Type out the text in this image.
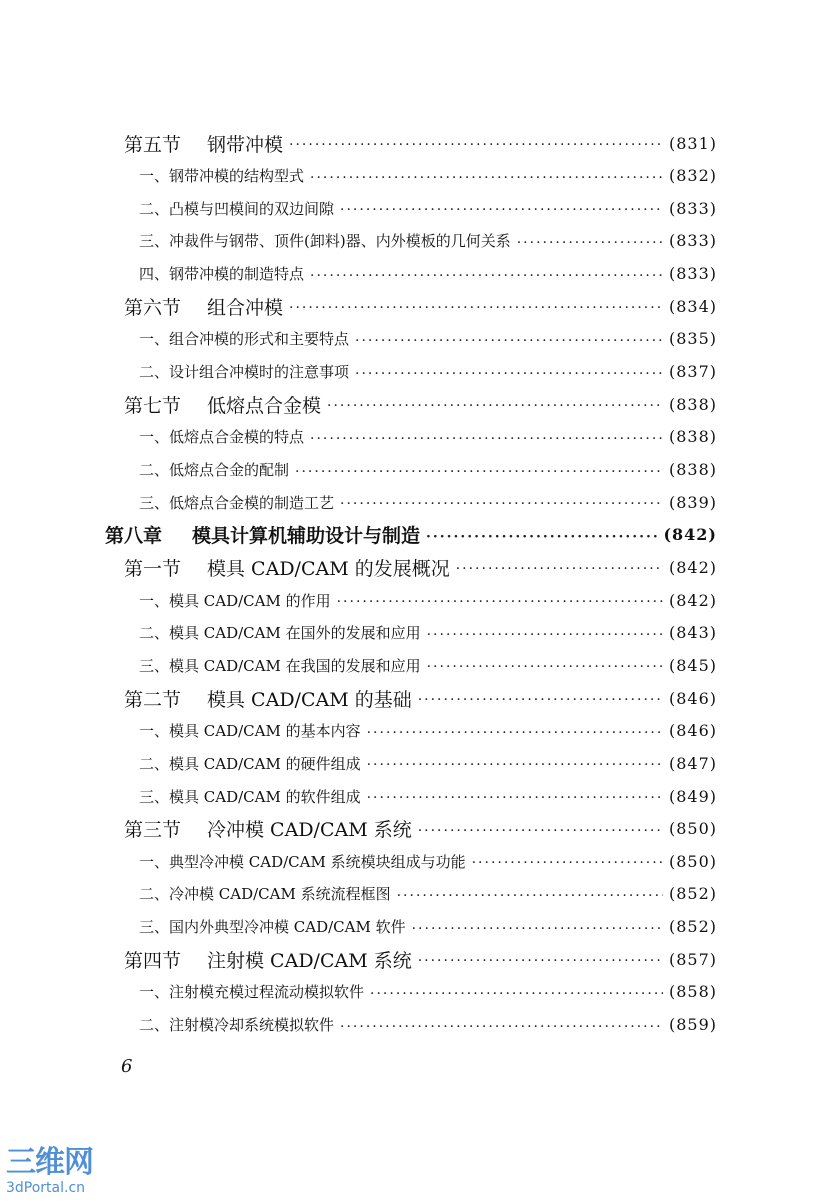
第五节 钢带冲模 ·····	(831)
一、钢带冲模的结构型式 ·····	(832)
二、凸模与凹模间的双边间隙 ·····	(833)
三、冲裁件与钢带、顶件(卸料)器、内外模板的几何关系 ·····	(833)
四、钢带冲模的制造特点 ·····	(833)
第六节 组合冲模 ·····	(834)
一、组合冲模的形式和主要特点 ·····	(835)
二、设计组合冲模时的注意事项 ·····	(837)
第七节 低熔点合金模 ·····	(838)
一、低熔点合金模的特点 ·····	(838)
二、低熔点合金的配制 ·····	(838)
三、低熔点合金模的制造工艺 ·····	(839)
第八章 模具计算机辅助设计与制造 ·····	(842)
第一节 模具 CAD/CAM 的发展概况 ·····	(842)
一、模具 CAD/CAM 的作用 ·····	(842)
二、模具 CAD/CAM 在国外的发展和应用 ·····	(843)
三、模具 CAD/CAM 在我国的发展和应用 ·····	(845)
第二节 模具 CAD/CAM 的基础 ·····	(846)
一、模具 CAD/CAM 的基本内容 ·····	(846)
二、模具 CAD/CAM 的硬件组成 ·····	(847)
三、模具 CAD/CAM 的软件组成 ·····	(849)
第三节 冷冲模 CAD/CAM 系统 ·····	(850)
一、典型冷冲模 CAD/CAM 系统模块组成与功能 ·····	(850)
二、冷冲模 CAD/CAM 系统流程框图 ·····	(852)
三、国内外典型冷冲模 CAD/CAM 软件 ·····	(852)
第四节 注射模 CAD/CAM 系统 ·····	(857)
一、注射模充模过程流动模拟软件 ·····	(858)
二、注射模冷却系统模拟软件 ·····	(859)
6
三维网
3dPortal.cn
